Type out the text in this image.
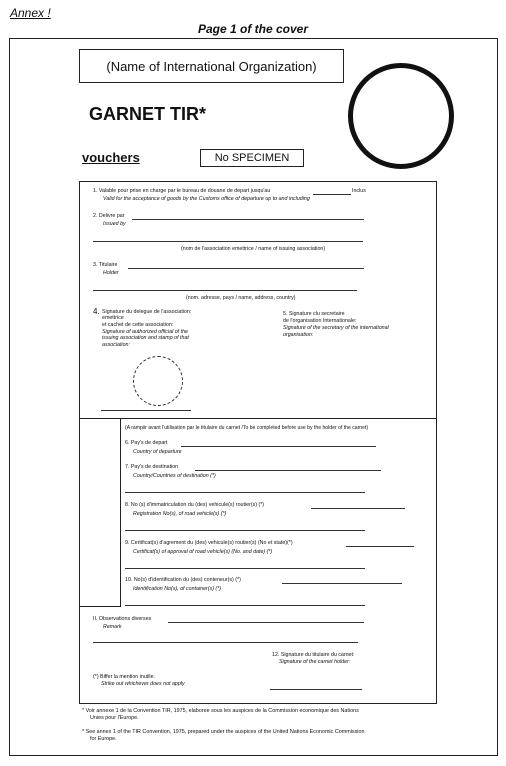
Annex !
Page 1 of the cover
(Name of International Organization)
GARNET TIR*
vouchers	No SPECIMEN
1. Valable pour prise en charge par le bureau de douane de depart jusqu'au	Inclus
Valid for the acceptance of goods by the Customs office of departure up to and including
2. Delivre par
Issued by
(nom de l'association emettrice / name of issuing association)
3. Titulaire
Holder
(nom. adresse, pays / name, address, country)
4. Signature du delegue de l'association:
emettrice
et cachet de cette association:
Signature of authorized official of the
issuing association and stamp of that
association:
5. Signature clu secretaire
de l'organisation Internationale:
Signature of the secretary of the international
organisation:
(A rampiir avant l'utilisation par le titulaire du carnet /To be completed before use by the holder of the carnet)
6. Pay's de depart
Country of departure
7. Pay's de destination
Country/Countries of destination (*)
8. No (s) d'immatriculation du (des) vehicule(s) routier(s) (*)
Registration No(s), of road vehicle(s) (*)
9. Certificat(s) d'agrement du (des) vehicule(s) routier(s) (No et state)(*)
Certificat(s) of approval of road vehicle(s) (No. and date) (*)
10. No(s) d'identification du (des) conteneur(s) (*)
Identification No(s), of container(s) (*)
II. Observations diverses
Remark
12. Signature du titulaire du carnet:
Signature of the carnet holder:
(*) Biffer la mention inutile.
Strike out whichever does not apply
* Voir annexe 1 de la Convention TIR, 1975, elaboree sous les auspices de la Commission economique des Nations
Unies pour l'Europe.
* See annex 1 of the TIR Convention, 1975, prepared under the auspices of the United Nations Economic Commission
for Europe.
